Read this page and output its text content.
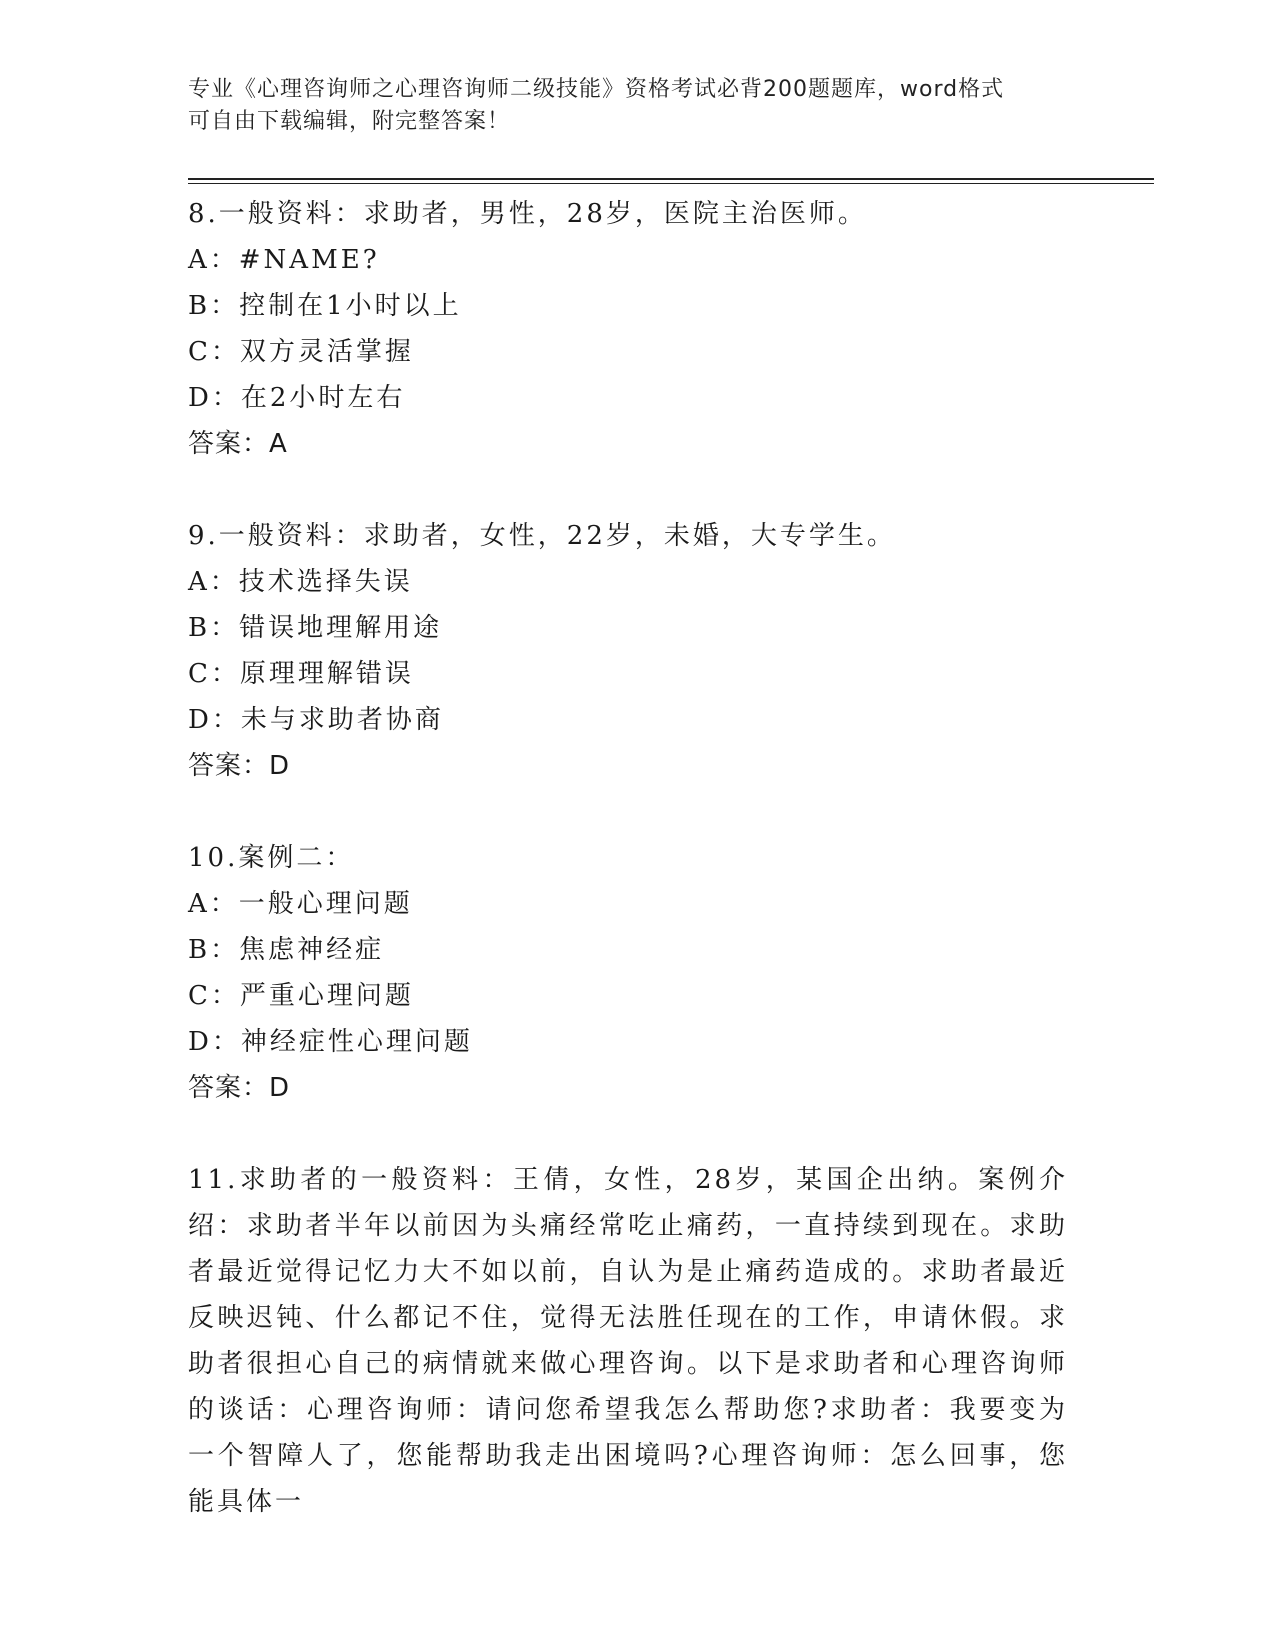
专业《心理咨询师之心理咨询师二级技能》资格考试必背200题题库，word格式
可自由下载编辑，附完整答案！
8.一般资料：求助者，男性，28岁，医院主治医师。
A：#NAME?
B：控制在1小时以上
C：双方灵活掌握
D：在2小时左右
答案：A
9.一般资料：求助者，女性，22岁，未婚，大专学生。
A：技术选择失误
B：错误地理解用途
C：原理理解错误
D：未与求助者协商
答案：D
10.案例二：
A：一般心理问题
B：焦虑神经症
C：严重心理问题
D：神经症性心理问题
答案：D
11.求助者的一般资料：王倩，女性，28岁，某国企出纳。案例介绍：求助者半年以前因为头痛经常吃止痛药，一直持续到现在。求助者最近觉得记忆力大不如以前，自认为是止痛药造成的。求助者最近反映迟钝、什么都记不住，觉得无法胜任现在的工作，申请休假。求助者很担心自己的病情就来做心理咨询。以下是求助者和心理咨询师的谈话：心理咨询师：请问您希望我怎么帮助您?求助者：我要变为一个智障人了，您能帮助我走出困境吗?心理咨询师：怎么回事，您能具体一
